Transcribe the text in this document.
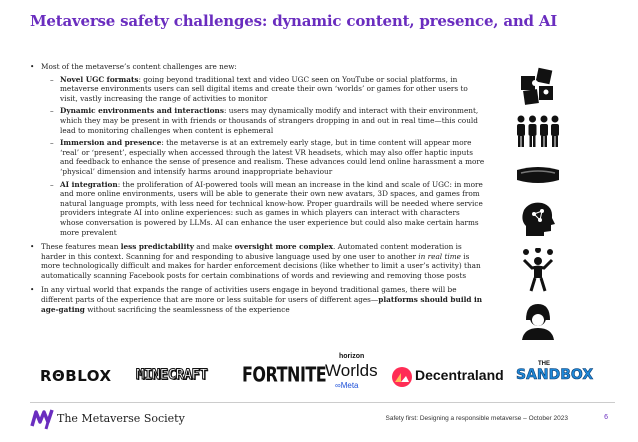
Metaverse safety challenges: dynamic content, presence, and AI
• Most of the metaverse’s content challenges are new:
– Novel UGC formats: going beyond traditional text and video UGC seen on YouTube or social platforms, in metaverse environments users can sell digital items and create their own ‘worlds’ or games for other users to visit, vastly increasing the range of activities to monitor
– Dynamic environments and interactions: users may dynamically modify and interact with their environment, which they may be present in with friends or thousands of strangers dropping in and out in real time—this could lead to monitoring challenges when content is ephemeral
– Immersion and presence: the metaverse is at an extremely early stage, but in time content will appear more ‘real’ or ‘present’, especially when accessed through the latest VR headsets, which may also offer haptic inputs and feedback to enhance the sense of presence and realism. These advances could lend online harassment a more ‘physical’ dimension and intensify harms around inappropriate behaviour
– AI integration: the proliferation of AI-powered tools will mean an increase in the kind and scale of UGC: in more and more online environments, users will be able to generate their own new avatars, 3D spaces, and games from natural language prompts, with less need for technical know-how. Proper guardrails will be needed where service providers integrate AI into online experiences: such as games in which players can interact with characters whose conversation is powered by LLMs. AI can enhance the user experience but could also make certain harms more prevalent
• These features mean less predictability and make oversight more complex. Automated content moderation is harder in this context. Scanning for and responding to abusive language used by one user to another in real time is more technologically difficult and makes for harder enforcement decisions (like whether to limit a user’s activity) than automatically scanning Facebook posts for certain combinations of words and reviewing and removing those posts
• In any virtual world that expands the range of activities users engage in beyond traditional games, there will be different parts of the experience that are more or less suitable for users of different ages—platforms should build in age-gating without sacrificing the seamlessness of the experience
RΘBLOX MINECRAFT FORTNITE
horizon
Worlds
∞Meta
Decentraland
THE
SANDBOX
The Metaverse Society	Safety first: Designing a responsible metaverse – October 2023	6
